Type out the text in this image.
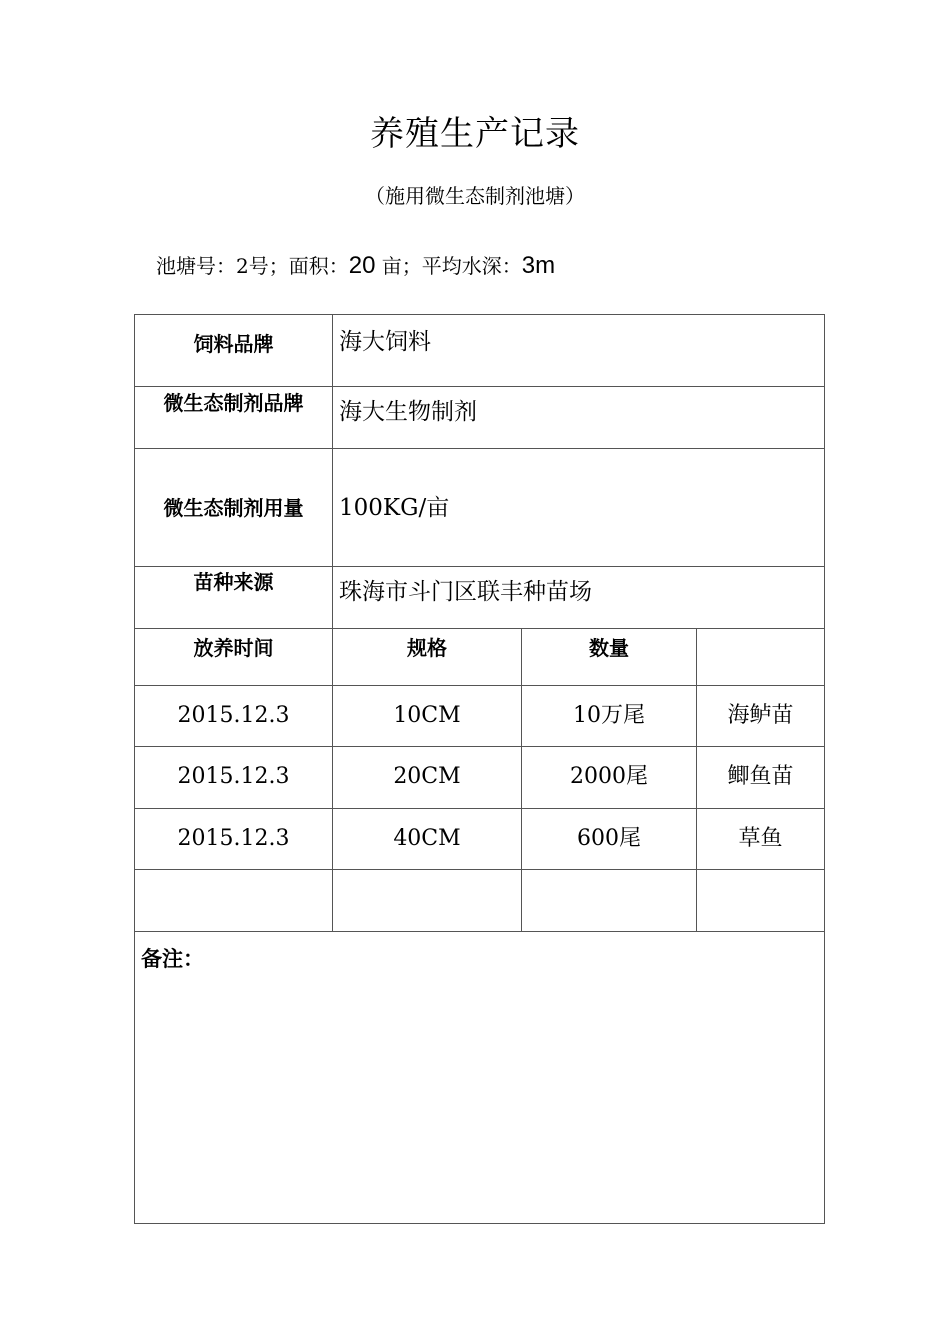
养殖生产记录
（施用微生态制剂池塘）
池塘号：2号；面积：20 亩；平均水深：3m
饲料品牌	海大饲料
微生态制剂品牌	海大生物制剂
微生态制剂用量	100KG/亩
苗种来源	珠海市斗门区联丰种苗场
放养时间	规格	数量
2015.12.3	10CM	10万尾	海鲈苗
2015.12.3	20CM	2000尾	鲫鱼苗
2015.12.3	40CM	600尾	草鱼
备注：
